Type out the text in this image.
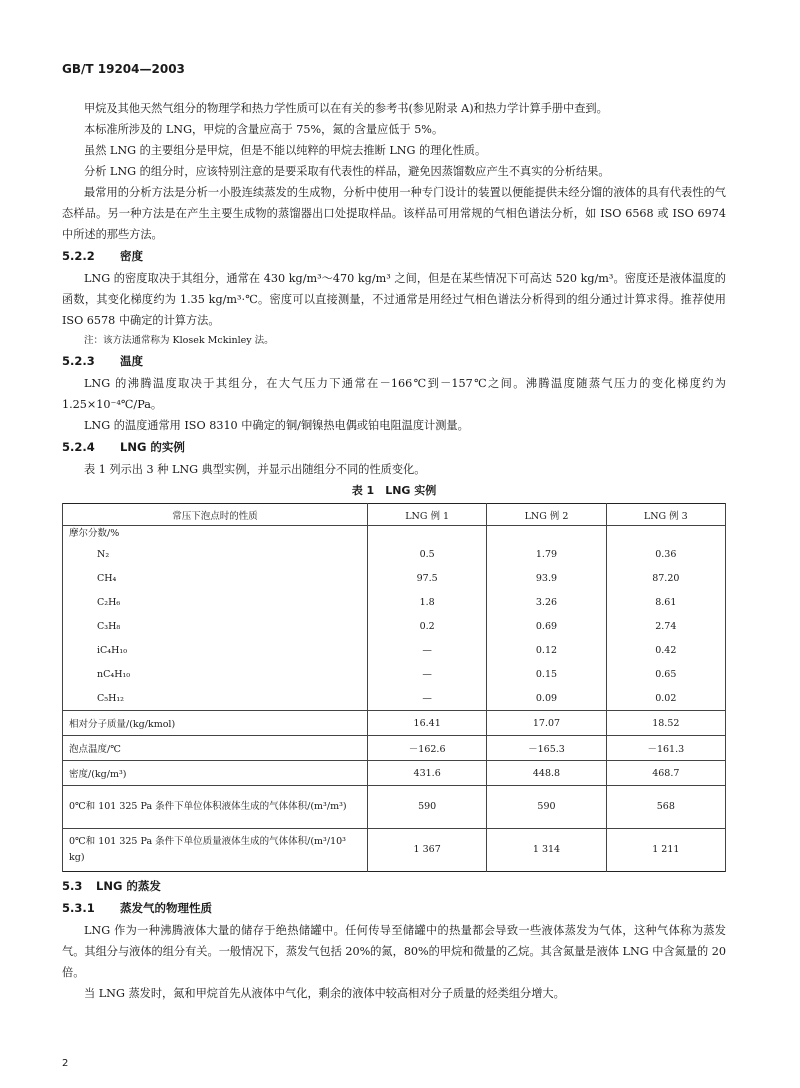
GB/T 19204—2003

甲烷及其他天然气组分的物理学和热力学性质可以在有关的参考书(参见附录 A)和热力学计算手册中查到。

本标准所涉及的 LNG，甲烷的含量应高于 75%，氮的含量应低于 5%。

虽然 LNG 的主要组分是甲烷，但是不能以纯粹的甲烷去推断 LNG 的理化性质。

分析 LNG 的组分时，应该特别注意的是要采取有代表性的样品，避免因蒸馏数应产生不真实的分析结果。

最常用的分析方法是分析一小股连续蒸发的生成物，分析中使用一种专门设计的装置以便能提供未经分馏的液体的具有代表性的气态样品。另一种方法是在产生主要生成物的蒸馏器出口处提取样品。该样品可用常规的气相色谱法分析，如 ISO 6568 或 ISO 6974 中所述的那些方法。

5.2.2 密度

LNG 的密度取决于其组分，通常在 430 kg/m³～470 kg/m³ 之间，但是在某些情况下可高达 520 kg/m³。密度还是液体温度的函数，其变化梯度约为 1.35 kg/m³·℃。密度可以直接测量，不过通常是用经过气相色谱法分析得到的组分通过计算求得。推荐使用 ISO 6578 中确定的计算方法。

注：该方法通常称为 Klosek Mckinley 法。

5.2.3 温度

LNG 的沸腾温度取决于其组分，在大气压力下通常在－166℃到－157℃之间。沸腾温度随蒸气压力的变化梯度约为 1.25×10⁻⁴℃/Pa。

LNG 的温度通常用 ISO 8310 中确定的铜/铜镍热电偶或铂电阻温度计测量。

5.2.4 LNG 的实例

表 1 列示出 3 种 LNG 典型实例，并显示出随组分不同的性质变化。

表 1　LNG 实例
常压下泡点时的性质	LNG 例 1	LNG 例 2	LNG 例 3
摩尔分数/%			
N₂	0.5	1.79	0.36
CH₄	97.5	93.9	87.20
C₂H₆	1.8	3.26	8.61
C₃H₈	0.2	0.69	2.74
iC₄H₁₀	—	0.12	0.42
nC₄H₁₀	—	0.15	0.65
C₅H₁₂	—	0.09	0.02
相对分子质量/(kg/kmol)	16.41	17.07	18.52
泡点温度/℃	－162.6	－165.3	－161.3
密度/(kg/m³)	431.6	448.8	468.7
0℃和 101 325 Pa 条件下单位体积液体生成的气体体积/(m³/m³)	590	590	568
0℃和 101 325 Pa 条件下单位质量液体生成的气体体积/(m³/10³ kg)	1 367	1 314	1 211
5.3 LNG 的蒸发
5.3.1 蒸发气的物理性质

LNG 作为一种沸腾液体大量的储存于绝热储罐中。任何传导至储罐中的热量都会导致一些液体蒸发为气体，这种气体称为蒸发气。其组分与液体的组分有关。一般情况下，蒸发气包括 20%的氮，80%的甲烷和微量的乙烷。其含氮量是液体 LNG 中含氮量的 20 倍。

当 LNG 蒸发时，氮和甲烷首先从液体中气化，剩余的液体中较高相对分子质量的烃类组分增大。

2
